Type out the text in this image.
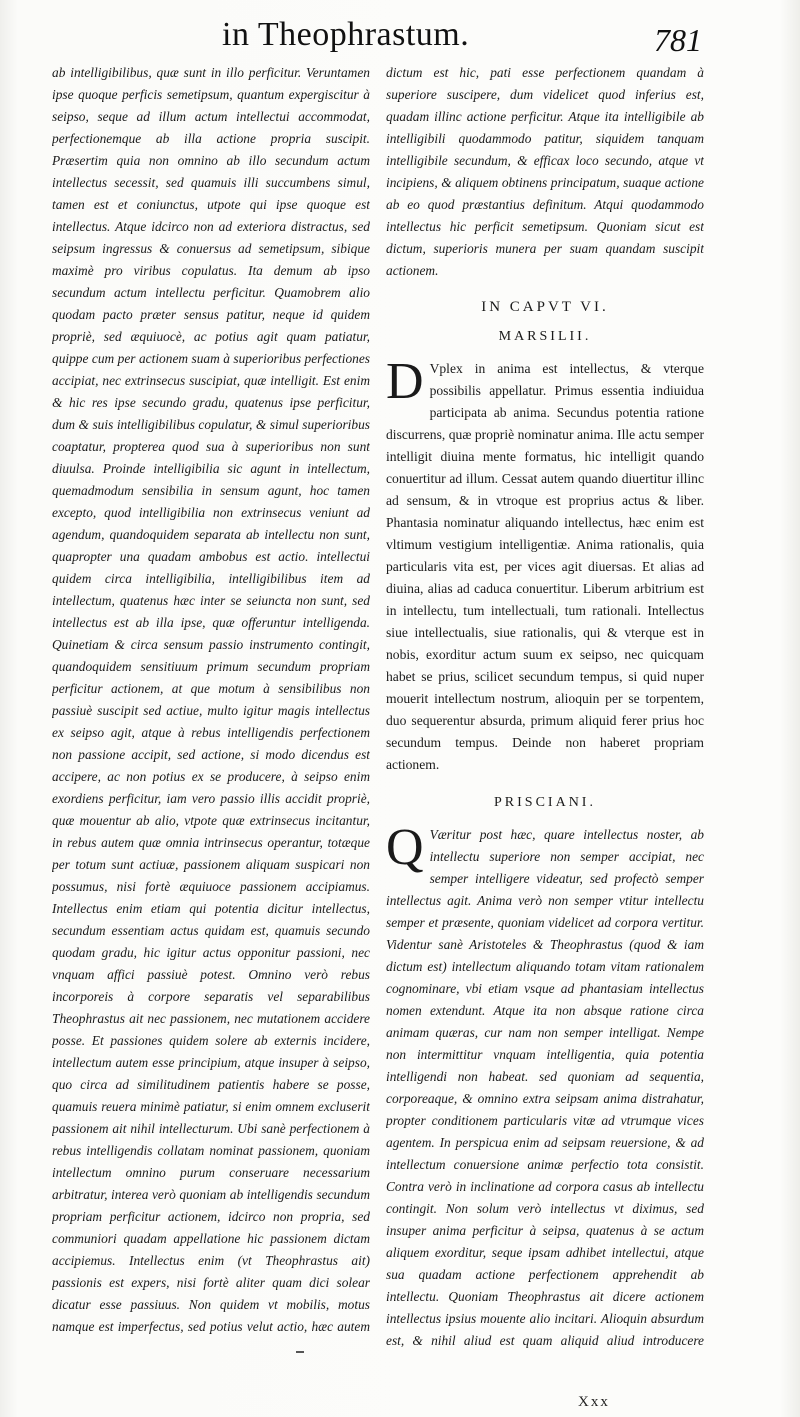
in Theophrastum.	781

ab intelligibilibus, quæ sunt in illo perficitur. Veruntamen ipse quoque perficis semetipsum, quantum expergiscitur à seipso, seque ad illum actum intellectui accommodat, perfectionemque ab illa actione propria suscipit. Præsertim quia non omnino ab illo secundum actum intellectus secessit, sed quamuis illi succumbens simul, tamen est et coniunctus, utpote qui ipse quoque est intellectus. Atque idcirco non ad exteriora distractus, sed seipsum ingressus & conuersus ad semetipsum, sibique maximè pro viribus copulatus. Ita demum ab ipso secundum actum intellectu perficitur. Quamobrem alio quodam pacto præter sensus patitur, neque id quidem propriè, sed æquiuocè, ac potius agit quam patiatur, quippe cum per actionem suam à superioribus perfectiones accipiat, nec extrinsecus suscipiat, quæ intelligit. Est enim & hic res ipse secundo gradu, quatenus ipse perficitur, dum & suis intelligibilibus copulatur, & simul superioribus coaptatur, propterea quod sua à superioribus non sunt diuulsa. Proinde intelligibilia sic agunt in intellectum, quemadmodum sensibilia in sensum agunt, hoc tamen excepto, quod intelligibilia non extrinsecus veniunt ad agendum, quandoquidem separata ab intellectu non sunt, quapropter una quadam ambobus est actio. intellectui quidem circa intelligibilia, intelligibilibus item ad intellectum, quatenus hæc inter se seiuncta non sunt, sed intellectus est ab illa ipse, quæ offeruntur intelligenda. Quinetiam & circa sensum passio instrumento contingit, quandoquidem sensitiuum primum secundum propriam perficitur actionem, at que motum à sensibilibus non passiuè suscipit sed actiue, multo igitur magis intellectus ex seipso agit, atque à rebus intelligendis perfectionem non passione accipit, sed actione, si modo dicendus est accipere, ac non potius ex se producere, à seipso enim exordiens perficitur, iam vero passio illis accidit propriè, quæ mouentur ab alio, vtpote quæ extrinsecus incitantur, in rebus autem quæ omnia intrinsecus operantur, totæque per totum sunt actiuæ, passionem aliquam suspicari non possumus, nisi fortè æquiuoce passionem accipiamus. Intellectus enim etiam qui potentia dicitur intellectus, secundum essentiam actus quidam est, quamuis secundo quodam gradu, hic igitur actus opponitur passioni, nec vnquam affici passiuè potest. Omnino verò rebus incorporeis à corpore separatis vel separabilibus Theophrastus ait nec passionem, nec mutationem accidere posse. Et passiones quidem solere ab externis incidere, intellectum autem esse principium, atque insuper à seipso, quo circa ad similitudinem patientis habere se posse, quamuis reuera minimè patiatur, si enim omnem excluserit passionem ait nihil intellecturum. Ubi sanè perfectionem à rebus intelligendis collatam nominat passionem, quoniam intellectum omnino purum conseruare necessarium arbitratur, interea verò quoniam ab intelligendis secundum propriam perficitur actionem, idcirco non propria, sed communiori quadam appellatione hic passionem dictam accipiemus. Intellectus enim (vt Theophrastus ait) passionis est expers, nisi fortè aliter quam dici solear dicatur esse passiuus. Non quidem vt mobilis, motus namque est imperfectus, sed potius velut actio, hæc autem

dictum est hic, pati esse perfectionem quandam à superiore suscipere, dum videlicet quod inferius est, quadam illinc actione perficitur. Atque ita intelligibile ab intelligibili quodammodo patitur, siquidem tanquam intelligibile secundum, & efficax loco secundo, atque vt incipiens, & aliquem obtinens principatum, suaque actione ab eo quod præstantius definitum. Atqui quodammodo intellectus hic perficit semetipsum. Quoniam sicut est dictum, superioris munera per suam quandam suscipit actionem.

IN CAPVT VI.
MARSILII.

D Vplex in anima est intellectus, & vterque possibilis appellatur. Primus essentia indiuidua participata ab anima. Secundus potentia ratione discurrens, quæ propriè nominatur anima. Ille actu semper intelligit diuina mente formatus, hic intelligit quando conuertitur ad illum. Cessat autem quando diuertitur illinc ad sensum, & in vtroque est proprius actus & liber. Phantasia nominatur aliquando intellectus, hæc enim est vltimum vestigium intelligentiæ. Anima rationalis, quia particularis vita est, per vices agit diuersas. Et alias ad diuina, alias ad caduca conuertitur. Liberum arbitrium est in intellectu, tum intellectuali, tum rationali. Intellectus siue intellectualis, siue rationalis, qui & vterque est in nobis, exorditur actum suum ex seipso, nec quicquam habet se prius, scilicet secundum tempus, si quid nuper mouerit intellectum nostrum, alioquin per se torpentem, duo sequerentur absurda, primum aliquid ferer prius hoc secundum tempus. Deinde non haberet propriam actionem.

PRISCIANI.

Q Væritur post hæc, quare intellectus noster, ab intellectu superiore non semper accipiat, nec semper intelligere videatur, sed profectò semper intellectus agit. Anima verò non semper vtitur intellectu semper et præsente, quoniam videlicet ad corpora vertitur. Videntur sanè Aristoteles & Theophrastus (quod & iam dictum est) intellectum aliquando totam vitam rationalem cognominare, vbi etiam vsque ad phantasiam intellectus nomen extendunt. Atque ita non absque ratione circa animam quæras, cur nam non semper intelligat. Nempe non intermittitur vnquam intelligentia, quia potentia intelligendi non habeat. sed quoniam ad sequentia, corporeaque, & omnino extra seipsam anima distrahatur, propter conditionem particularis vitæ ad vtrumque vices agentem. In perspicua enim ad seipsam reuersione, & ad intellectum conuersione animæ perfectio tota consistit. Contra verò in inclinatione ad corpora casus ab intellectu contingit. Non solum verò intellectus vt diximus, sed insuper anima perficitur à seipsa, quatenus à se actum aliquem exorditur, seque ipsam adhibet intellectui, atque sua quadam actione perfectionem apprehendit ab intellectu. Quoniam Theophrastus ait dicere actionem intellectus ipsius mouente alio incitari. Alioquin absurdum est, & nihil aliud est quam aliquid aliud introducere

Xxx
